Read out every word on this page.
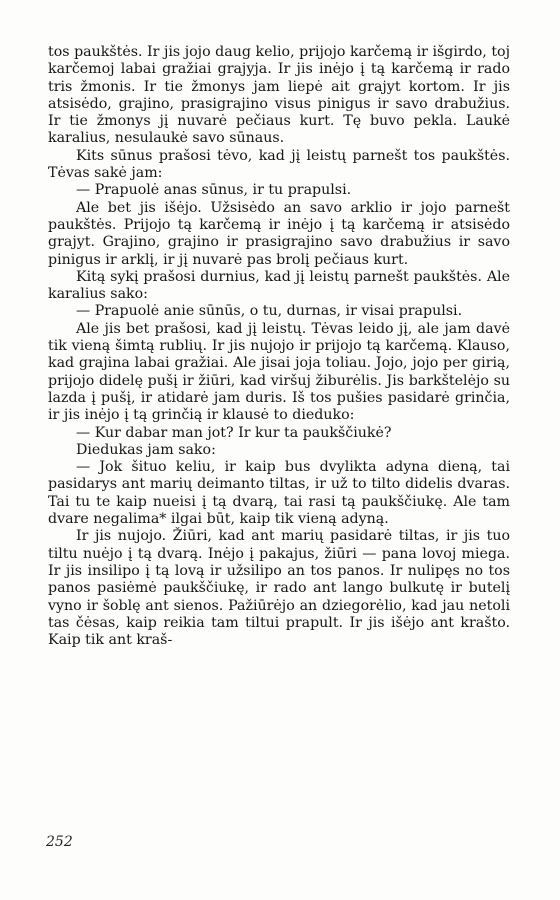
tos paukštės. Ir jis jojo daug kelio, prijojo karčemą ir išgirdo, toj karčemoj labai gražiai grajyja. Ir jis inėjo į tą karčemą ir rado tris žmonis. Ir tie žmonys jam liepė ait grajyt kortom. Ir jis atsisėdo, grajino, prasigrajino visus pinigus ir savo drabužius. Ir tie žmonys jį nuvarė pečiaus kurt. Tę buvo pekla. Laukė karalius, nesulaukė savo sūnaus.

Kits sūnus prašosi tėvo, kad jį leistų parnešt tos paukštės. Tėvas sakė jam:

— Prapuolė anas sūnus, ir tu prapulsi.

Ale bet jis išėjo. Užsisėdo an savo arklio ir jojo parnešt paukštės. Prijojo tą karčemą ir inėjo į tą karčemą ir atsisėdo grajyt. Grajino, grajino ir prasigrajino savo drabužius ir savo pinigus ir arklį, ir jį nuvarė pas brolį pečiaus kurt.

Kitą sykį prašosi durnius, kad jį leistų parnešt paukštės. Ale karalius sako:

— Prapuolė anie sūnūs, o tu, durnas, ir visai prapulsi.

Ale jis bet prašosi, kad jį leistų. Tėvas leido jį, ale jam davė tik vieną šimtą rublių. Ir jis nujojo ir prijojo tą karčemą. Klauso, kad grajina labai gražiai. Ale jisai joja toliau. Jojo, jojo per girią, prijojo didelę pušį ir žiūri, kad viršuj žiburėlis. Jis barkštelėjo su lazda į pušį, ir atidarė jam duris. Iš tos pušies pasidarė grinčia, ir jis inėjo į tą grinčią ir klausė to dieduko:

— Kur dabar man jot? Ir kur ta paukščiukė?

Diedukas jam sako:

— Jok šituo keliu, ir kaip bus dvylikta adyna dieną, tai pasidarys ant marių deimanto tiltas, ir už to tilto didelis dvaras. Tai tu te kaip nueisi į tą dvarą, tai rasi tą paukščiukę. Ale tam dvare negalima* ilgai būt, kaip tik vieną adyną.

Ir jis nujojo. Žiūri, kad ant marių pasidarė tiltas, ir jis tuo tiltu nuėjo į tą dvarą. Inėjo į pakajus, žiūri — pana lovoj miega. Ir jis insilipo į tą lovą ir užsilipo an tos panos. Ir nulipęs no tos panos pasiėmė paukščiukę, ir rado ant lango bulkutę ir butelį vyno ir šoblę ant sienos. Pažiūrėjo an dziegorėlio, kad jau netoli tas čėsas, kaip reikia tam tiltui prapult. Ir jis išėjo ant krašto. Kaip tik ant kraš-

252
